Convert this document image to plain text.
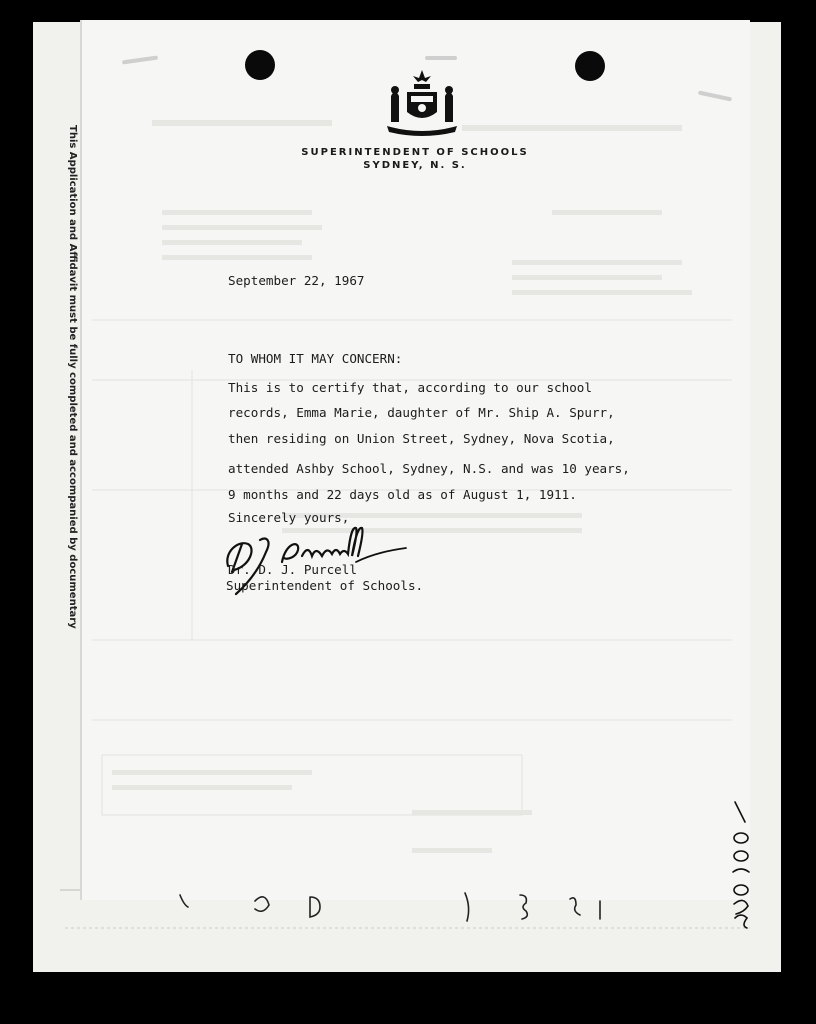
This Application and Affidavit must be fully completed and accompanied by documentary	SUPERINTENDENT OF SCHOOLS
SYDNEY, N. S.
September 22, 1967
TO WHOM IT MAY CONCERN:
This is to certify that, according to our school
records, Emma Marie, daughter of Mr. Ship A. Spurr,
then residing on Union Street, Sydney, Nova Scotia,
attended Ashby School, Sydney, N.S. and was 10 years,
9 months and 22 days old as of August 1, 1911.
Sincerely yours,
Dr. D. J. Purcell
Superintendent of Schools.
